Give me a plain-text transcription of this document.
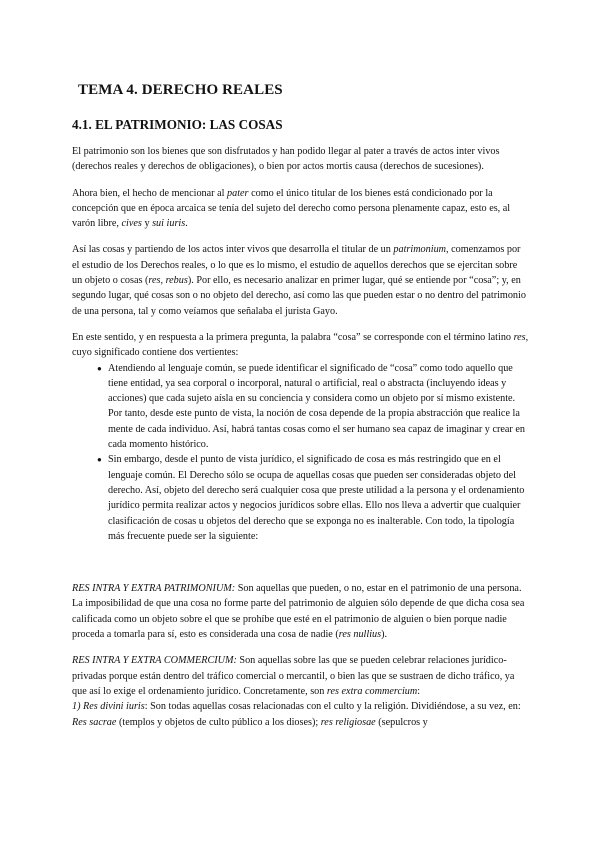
TEMA 4. DERECHO REALES
4.1. EL PATRIMONIO: LAS COSAS

El patrimonio son los bienes que son disfrutados y han podido llegar al pater a través de actos inter vivos (derechos reales y derechos de obligaciones), o bien por actos mortis causa (derechos de sucesiones).

Ahora bien, el hecho de mencionar al pater como el único titular de los bienes está condicionado por la concepción que en época arcaica se tenía del sujeto del derecho como persona plenamente capaz, esto es, al varón libre, cives y sui iuris.

Así las cosas y partiendo de los actos inter vivos que desarrolla el titular de un patrimonium, comenzamos por el estudio de los Derechos reales, o lo que es lo mismo, el estudio de aquellos derechos que se ejercitan sobre un objeto o cosas (res, rebus). Por ello, es necesario analizar en primer lugar, qué se entiende por “cosa”; y, en segundo lugar, qué cosas son o no objeto del derecho, así como las que pueden estar o no dentro del patrimonio de una persona, tal y como veíamos que señalaba el jurista Gayo.

En este sentido, y en respuesta a la primera pregunta, la palabra “cosa” se corresponde con el término latino res, cuyo significado contiene dos vertientes:

● Atendiendo al lenguaje común, se puede identificar el significado de “cosa” como todo aquello que tiene entidad, ya sea corporal o incorporal, natural o artificial, real o abstracta (incluyendo ideas y acciones) que cada sujeto aísla en su conciencia y considera como un objeto por sí mismo existente. Por tanto, desde este punto de vista, la noción de cosa depende de la propia abstracción que realice la mente de cada individuo. Así, habrá tantas cosas como el ser humano sea capaz de imaginar y crear en cada momento histórico.
● Sin embargo, desde el punto de vista jurídico, el significado de cosa es más restringido que en el lenguaje común. El Derecho sólo se ocupa de aquellas cosas que pueden ser consideradas objeto del derecho. Así, objeto del derecho será cualquier cosa que preste utilidad a la persona y el ordenamiento jurídico permita realizar actos y negocios jurídicos sobre ellas. Ello nos lleva a advertir que cualquier clasificación de cosas u objetos del derecho que se exponga no es inalterable. Con todo, la tipología más frecuente puede ser la siguiente:

RES INTRA Y EXTRA PATRIMONIUM: Son aquellas que pueden, o no, estar en el patrimonio de una persona. La imposibilidad de que una cosa no forme parte del patrimonio de alguien sólo depende de que dicha cosa sea calificada como un objeto sobre el que se prohíbe que esté en el patrimonio de alguien o bien porque nadie proceda a tomarla para sí, esto es considerada una cosa de nadie (res nullius).

RES INTRA Y EXTRA COMMERCIUM: Son aquellas sobre las que se pueden celebrar relaciones jurídico-privadas porque están dentro del tráfico comercial o mercantil, o bien las que se sustraen de dicho tráfico, ya que así lo exige el ordenamiento jurídico. Concretamente, son res extra commercium:

1) Res divini iuris: Son todas aquellas cosas relacionadas con el culto y la religión. Dividiéndose, a su vez, en: Res sacrae (templos y objetos de culto público a los dioses); res religiosae (sepulcros y
